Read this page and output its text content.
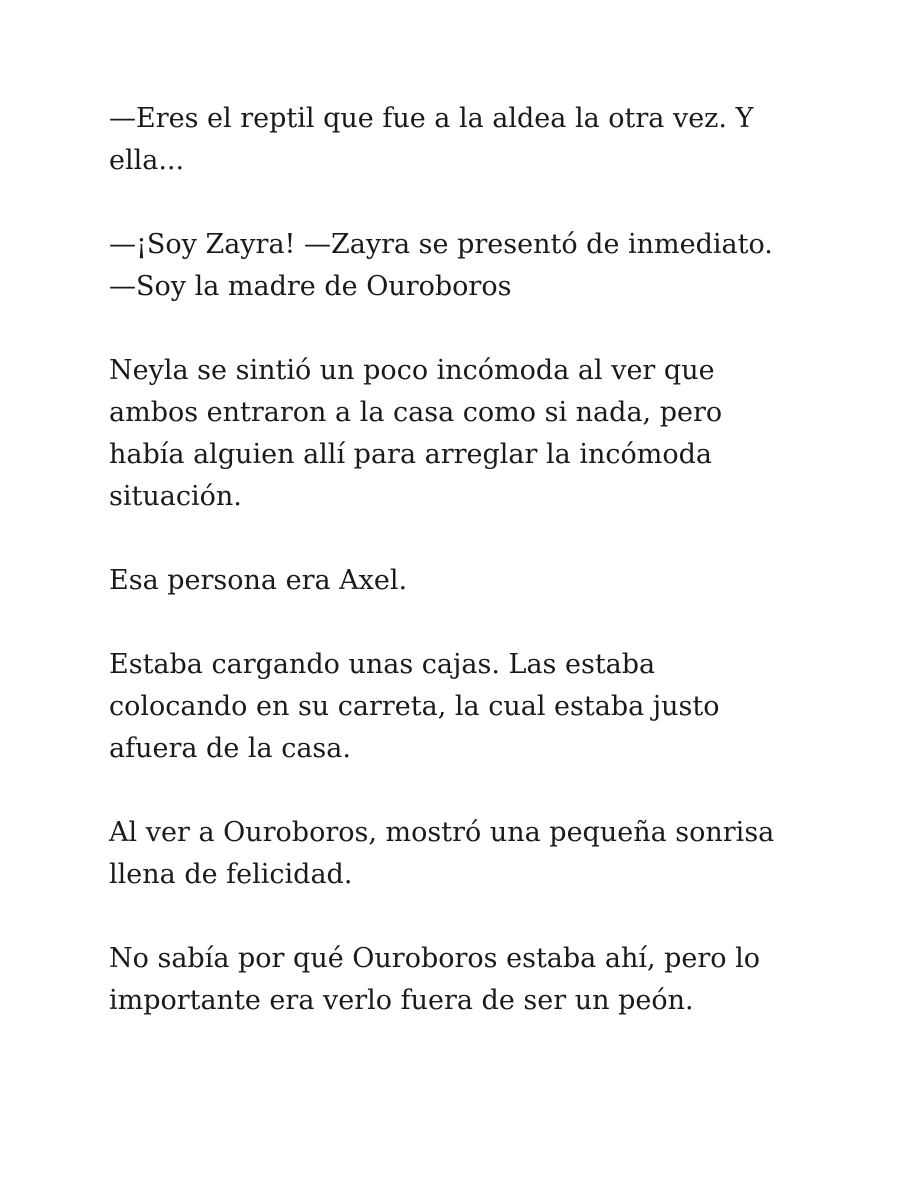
—Eres el reptil que fue a la aldea la otra vez. Y
ella...

—¡Soy Zayra! —Zayra se presentó de inmediato.
—Soy la madre de Ouroboros

Neyla se sintió un poco incómoda al ver que
ambos entraron a la casa como si nada, pero
había alguien allí para arreglar la incómoda
situación.

Esa persona era Axel.

Estaba cargando unas cajas. Las estaba
colocando en su carreta, la cual estaba justo
afuera de la casa.

Al ver a Ouroboros, mostró una pequeña sonrisa
llena de felicidad.

No sabía por qué Ouroboros estaba ahí, pero lo
importante era verlo fuera de ser un peón.
